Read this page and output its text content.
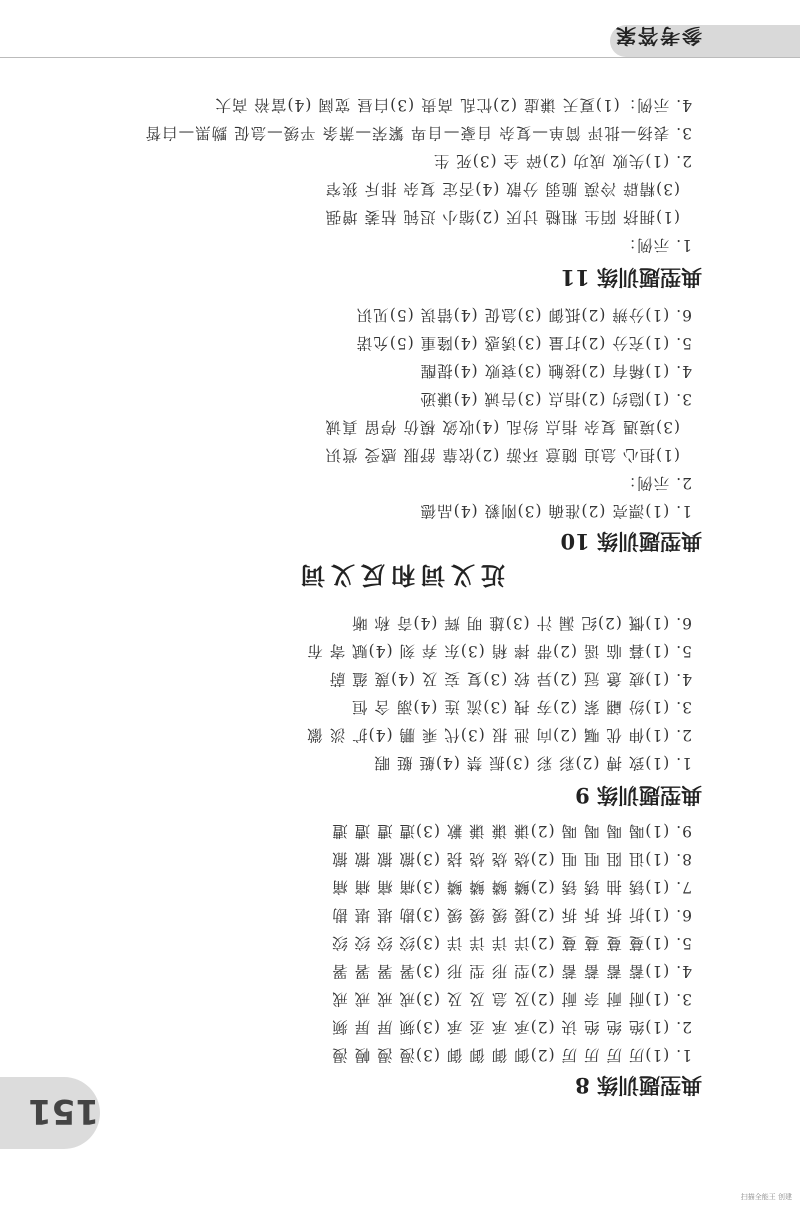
参考答案
151
典型题训练 8
1. (1)历 厉 历 厉 (2)御 御 御 御 (3)漫 漫 幔 漫
2. (1)绝 绝 绝 诀 (2)承 承 丞 承 (3)频 屏 屏 频
3. (1)耐 耐 奈 耐 (2)及 急 及 及 (3)戒 戒 戒 戒
4. (1)蓄 蓄 蓄 蓄 (2)型 形 型 形 (3)署 署 署 署
5. (1)蔓 蔓 蔓 蔓 (2)详 详 详 详 (3)绞 绞 绞 绞
6. (1)折 拆 拆 拆 (2)援 缓 缓 缓 (3)勘 堪 堪 勘
7. (1)锈 抽 锈 锈 (2)鳞 鳞 鳞 鳞 (3)痛 痛 痛 痛
8. (1)诅 阻 咀 咀 (2)烧 烧 烧 挠 (3)撤 撤 撤 撤
9. (1)喝 喝 喝 喝 (2)谦 谦 谦 歉 (3)遭 遭 遭 遭
典型题训练 9
1. (1)致 搏 (2)彩 彩 (3)振 禁 (4)艇 艇 暇
2. (1)伸 优 嘱 (2)向 泄 报 (3)代 乘 鹏 (4)扩 淡 徽
3. (1)纷 翩 萦 (2)夯 拽 (3)流 连 (4)溺 含 恒
4. (1)疲 惫 冠 (2)异 较 (3)复 妄 及 (4)蔑 蕴 蔚
5. (1)暮 临 谣 (2)带 摔 稍 (3)东 弃 刻 (4)赋 寄 布
6. (1)慨 (2)纪 漏 汁 (3)雄 明 辉 (4)奇 称 晰
近义词和反义词
典型题训练 10
1. (1)漂亮 (2)准确 (3)刚毅 (4)品德
2. 示例：
(1)担心 急迫 随意 环游 (2)依靠 舒服 感受 赏识
(3)境遇 复杂 指点 纷乱 (4)收敛 模仿 停留 真诚
3. (1)隐约 (2)指点 (3)告诫 (4)谦逊
4. (1)稀有 (2)接触 (3)衰败 (4)提醒
5. (1)充分 (2)打量 (3)诱惑 (4)隆重 (5)允诺
6. (1)分辨 (2)抵御 (3)急促 (4)错误 (5)见识
典型题训练 11
1. 示例：
(1)拥挤 陌生 粗糙 讨厌 (2)缩小 迟钝 枯萎 增强
(3)精辟 冷漠 脆弱 分散 (4)否定 复杂 排斥 狭窄
2. (1)失败 成功 (2)碎 全 (3)死 生
3. 表扬—批评 简单—复杂 自豪—自卑 繁荣—萧条 平缓—急促 黝黑—白皙
4. 示例：(1)夏天 谦虚 (2)忙乱 高贵 (3)白昼 宽阔 (4)富裕 高大
扫描全能王 创建
